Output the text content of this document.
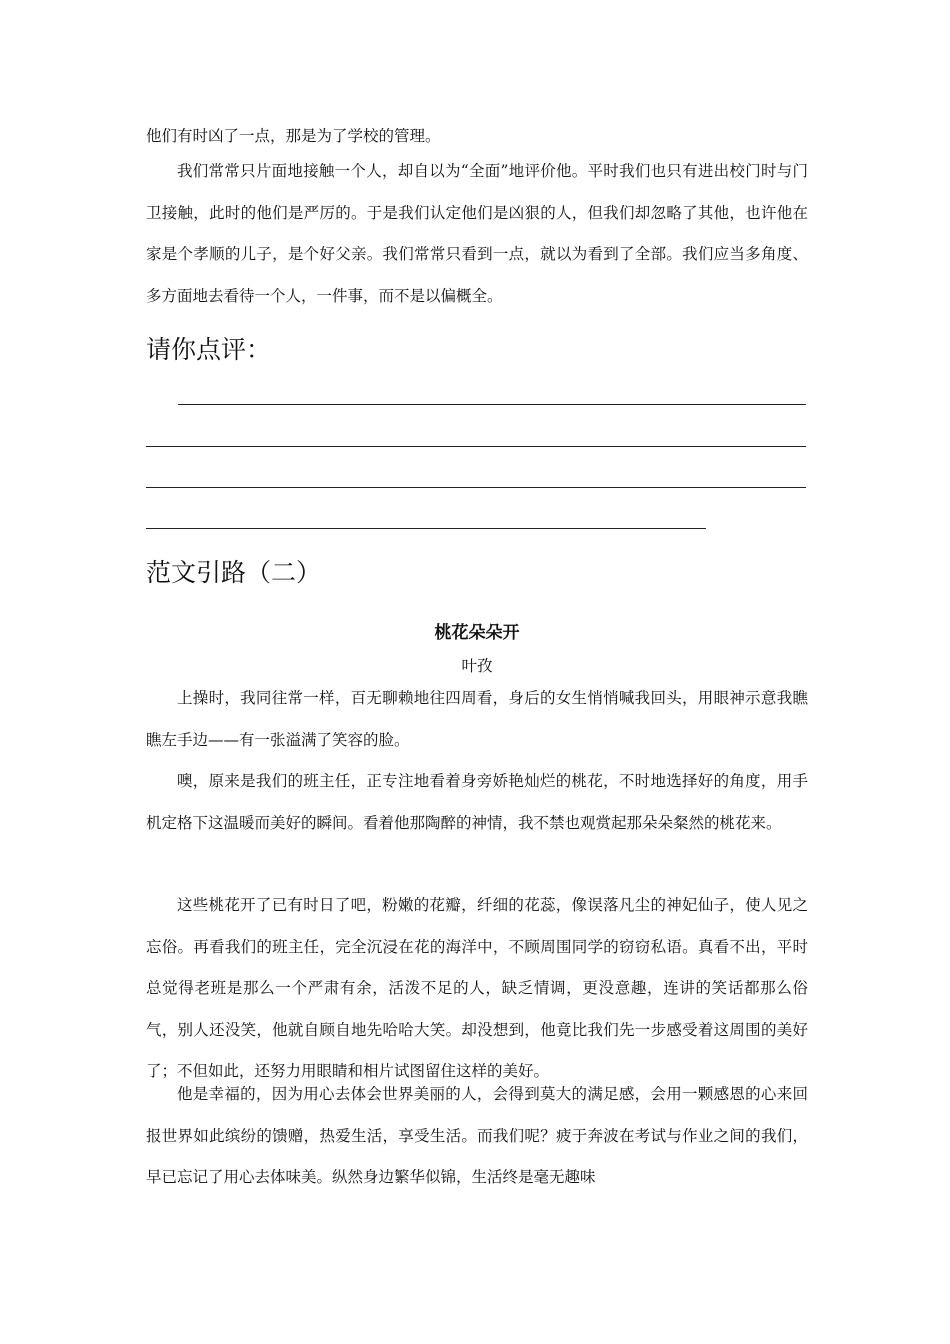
他们有时凶了一点，那是为了学校的管理。

我们常常只片面地接触一个人，却自以为“全面”地评价他。平时我们也只有进出校门时与门卫接触，此时的他们是严厉的。于是我们认定他们是凶狠的人，但我们却忽略了其他，也许他在家是个孝顺的儿子，是个好父亲。我们常常只看到一点，就以为看到了全部。我们应当多角度、多方面地去看待一个人，一件事，而不是以偏概全。

请你点评：
范文引路（二）
桃花朵朵开

叶孜

上操时，我同往常一样，百无聊赖地往四周看，身后的女生悄悄喊我回头，用眼神示意我瞧瞧左手边——有一张溢满了笑容的脸。

噢，原来是我们的班主任，正专注地看着身旁娇艳灿烂的桃花，不时地选择好的角度，用手机定格下这温暖而美好的瞬间。看着他那陶醉的神情，我不禁也观赏起那朵朵粲然的桃花来。

这些桃花开了已有时日了吧，粉嫩的花瓣，纤细的花蕊，像误落凡尘的神妃仙子，使人见之忘俗。再看我们的班主任，完全沉浸在花的海洋中，不顾周围同学的窃窃私语。真看不出，平时总觉得老班是那么一个严肃有余，活泼不足的人，缺乏情调，更没意趣，连讲的笑话都那么俗气，别人还没笑，他就自顾自地先哈哈大笑。却没想到，他竟比我们先一步感受着这周围的美好了；不但如此，还努力用眼睛和相片试图留住这样的美好。

他是幸福的，因为用心去体会世界美丽的人，会得到莫大的满足感，会用一颗感恩的心来回报世界如此缤纷的馈赠，热爱生活，享受生活。而我们呢？疲于奔波在考试与作业之间的我们，早已忘记了用心去体味美。纵然身边繁华似锦，生活终是毫无趣味
